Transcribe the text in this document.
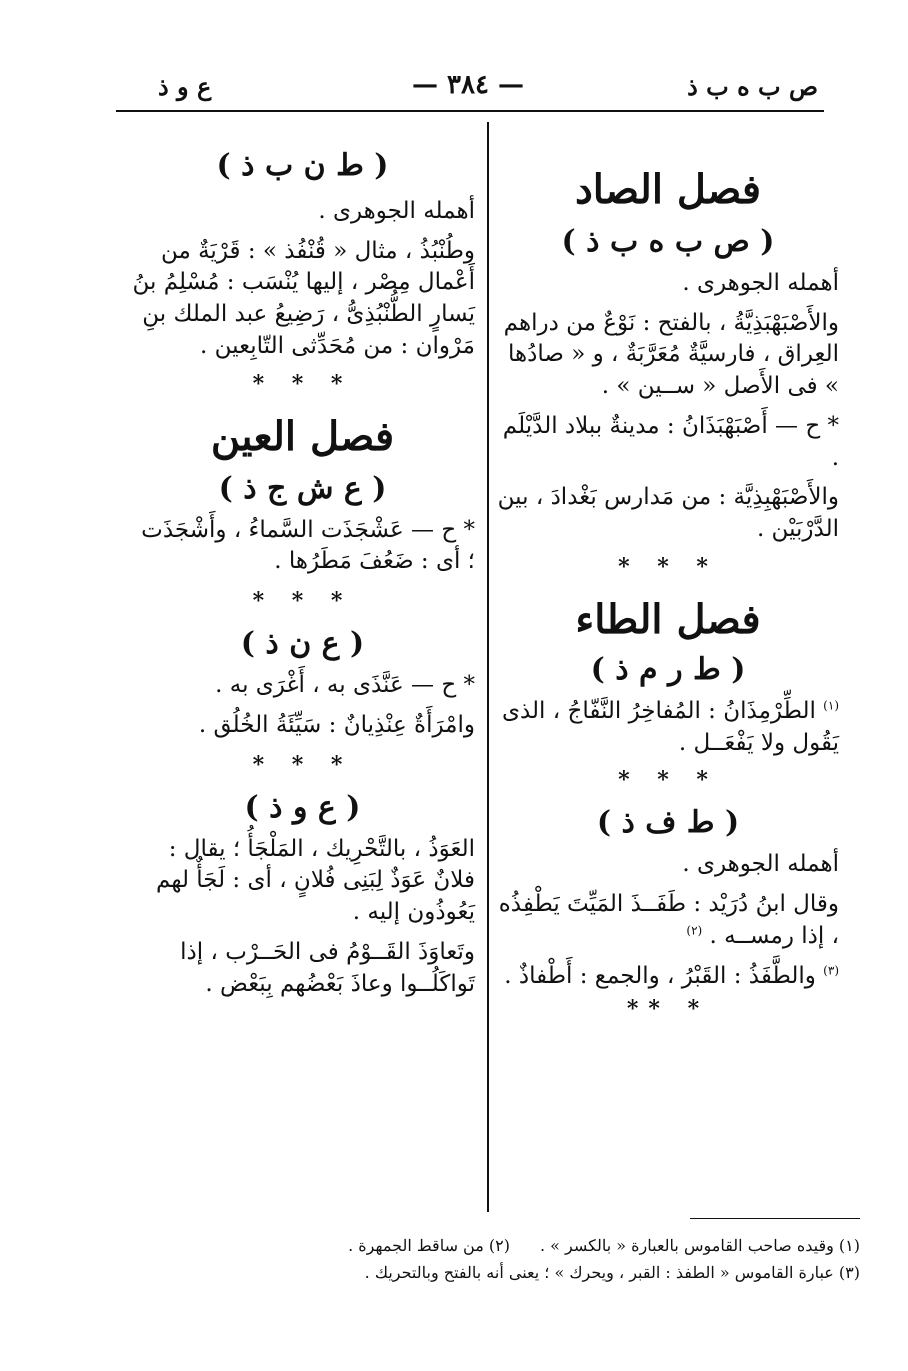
ص ب ه ب ذ
— ٣٨٤ —
ع و ذ
فصل الصاد
( ص ب ه ب ذ )

أهمله الجوهرى .

والأَصْبَهْبَذِيَّةُ ، بالفتح : نَوْعٌ من دراهم العِراق ، فارسيَّةٌ مُعَرَّبَةٌ ، و « صادُها » فى الأَصل « ســين » .

* ح — أَصْبَهْبَذَانُ : مدينةٌ ببلاد الدَّيْلَم .

والأَصْبَهْبِذِيَّة : من مَدارس بَغْدادَ ، بين الدَّرْبَيْن .

* * *
فصل الطاء
( ط ر م ذ )

$^{(١)}$ الطِّرْمِذَانُ : المُفاخِرُ النَّفّاجُ ، الذى يَقُول ولا يَفْعَــل .

* * *
( ط ف ذ )

أهمله الجوهرى .

وقال ابنُ دُرَيْد : طَفَــذَ المَيِّتَ يَطْفِذُه ، إذا رمســه . $^{(٢)}$

$^{(٣)}$ والطَّفَذُ : القَبْرُ ، والجمع : أَطْفاذٌ .

* **
( ط ن ب ذ )

أهمله الجوهرى .

وطُنْبُذُ ، مثال « قُنْفُذ » : قَرْيَةٌ من أَعْمال مِصْر ، إليها يُنْسَب : مُسْلِمُ بنُ يَسارٍ الطُّنْبُذِىُّ ، رَضِيعُ عبد الملك بنِ مَرْوان : من مُحَدِّثى التّابِعين .

* * *
فصل العين
( ع ش ج ذ )

* ح — عَشْجَذَت السَّماءُ ، وأَشْجَذَت ؛ أى : ضَعُفَ مَطَرُها .

* * *
( ع ن ذ )

* ح — عَنَّذَى به ، أَغْرَى به .

وامْرَأَةٌ عِنْذِيانٌ : سَيِّئَةُ الخُلُق .

* * *
( ع و ذ )

العَوَذُ ، بالتَّحْرِيك ، المَلْجَأُ ؛ يقال : فلانٌ عَوَذٌ لِبَنِى فُلانٍ ، أى : لَجَأٌ لهم يَعُوذُون إليه .

وتَعاوَذَ القَــوْمُ فى الحَــرْب ، إذا تَواكَلُــوا وعاذَ بَعْضُهم بِبَعْض .

(١) وقيده صاحب القاموس بالعبارة « بالكسر » .
(٢) من ساقط الجمهرة .
(٣) عبارة القاموس « الطفذ : القبر ، ويحرك » ؛ يعنى أنه بالفتح وبالتحريك .
